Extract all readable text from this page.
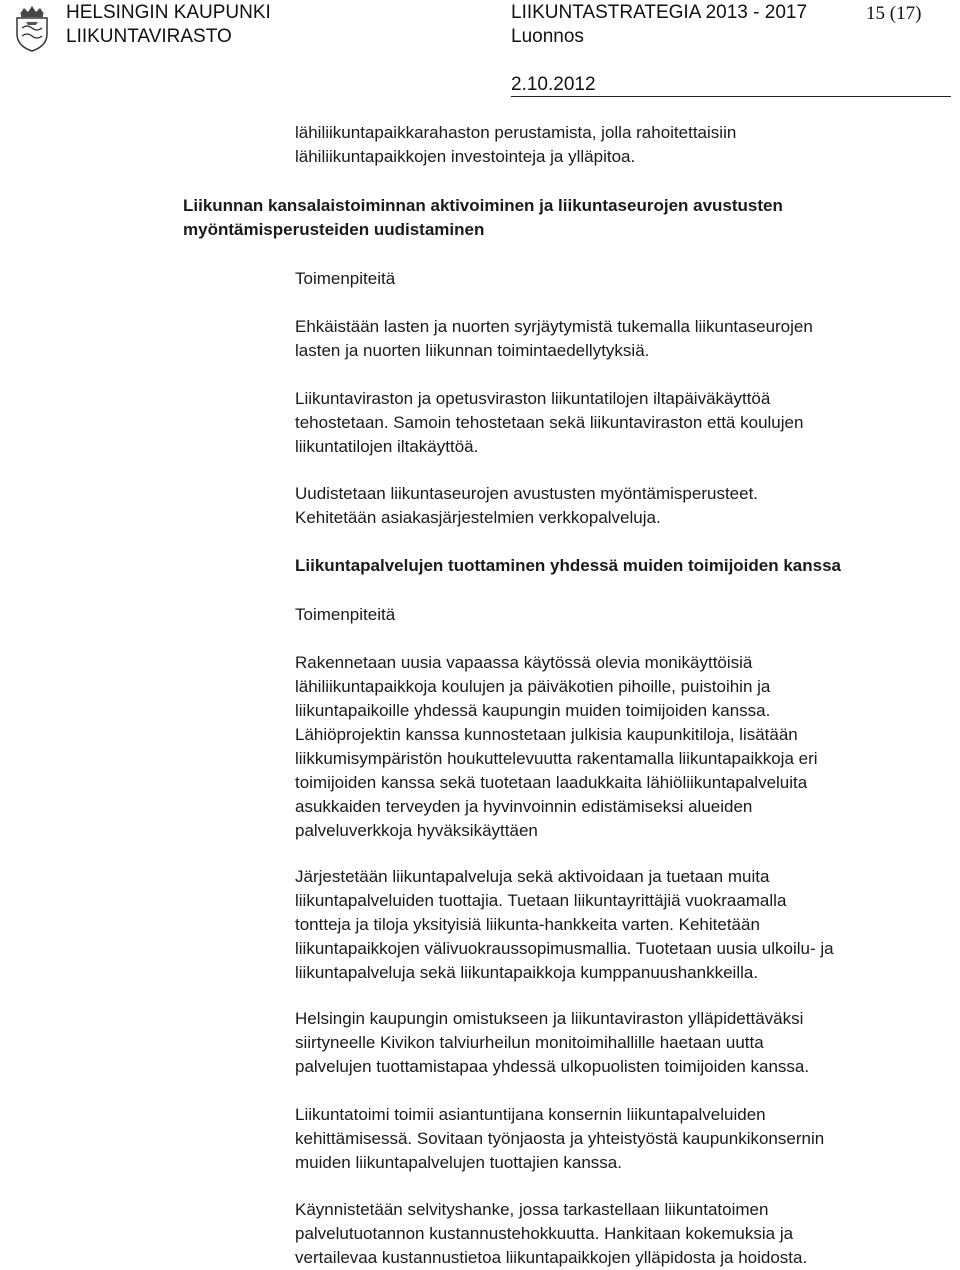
HELSINGIN KAUPUNKI
LIIKUNTAVIRASTO
LIIKUNTASTRATEGIA 2013 - 2017
Luonnos
15 (17)
2.10.2012
lähiliikuntapaikkarahaston perustamista, jolla rahoitettaisiin
lähiliikuntapaikkojen investointeja ja ylläpitoa.
Liikunnan kansalaistoiminnan aktivoiminen ja liikuntaseurojen avustusten
myöntämisperusteiden uudistaminen
Toimenpiteitä
Ehkäistään lasten ja nuorten syrjäytymistä tukemalla liikuntaseurojen
lasten ja nuorten liikunnan toimintaedellytyksiä.
Liikuntaviraston ja opetusviraston liikuntatilojen iltapäiväkäyttöä
tehostetaan. Samoin tehostetaan sekä liikuntaviraston että koulujen
liikuntatilojen iltakäyttöä.
Uudistetaan liikuntaseurojen avustusten myöntämisperusteet.
Kehitetään asiakasjärjestelmien verkkopalveluja.
Liikuntapalvelujen tuottaminen yhdessä muiden toimijoiden kanssa
Toimenpiteitä
Rakennetaan uusia vapaassa käytössä olevia monikäyttöisiä
lähiliikuntapaikkoja koulujen ja päiväkotien pihoille, puistoihin ja
liikuntapaikoille yhdessä kaupungin muiden toimijoiden kanssa.
Lähiöprojektin kanssa kunnostetaan julkisia kaupunkitiloja, lisätään
liikkumisympäristön houkuttelevuutta rakentamalla liikuntapaikkoja eri
toimijoiden kanssa sekä tuotetaan laadukkaita lähiöliikuntapalveluita
asukkaiden terveyden ja hyvinvoinnin edistämiseksi alueiden
palveluverkkoja hyväksikäyttäen
Järjestetään liikuntapalveluja sekä aktivoidaan ja tuetaan muita
liikuntapalveluiden tuottajia. Tuetaan liikuntayrittäjiä vuokraamalla
tontteja ja tiloja yksityisiä liikunta-hankkeita varten. Kehitetään
liikuntapaikkojen välivuokraussopimusmallia. Tuotetaan uusia ulkoilu- ja
liikuntapalveluja sekä liikuntapaikkoja kumppanuushankkeilla.
Helsingin kaupungin omistukseen ja liikuntaviraston ylläpidettäväksi
siirtyneelle Kivikon talviurheilun monitoimihallille haetaan uutta
palvelujen tuottamistapaa yhdessä ulkopuolisten toimijoiden kanssa.
Liikuntatoimi toimii asiantuntijana konsernin liikuntapalveluiden
kehittämisessä. Sovitaan työnjaosta ja yhteistyöstä kaupunkikonsernin
muiden liikuntapalvelujen tuottajien kanssa.
Käynnistetään selvityshanke, jossa tarkastellaan liikuntatoimen
palvelutuotannon kustannustehokkuutta. Hankitaan kokemuksia ja
vertailevaa kustannustietoa liikuntapaikkojen ylläpidosta ja hoidosta.
